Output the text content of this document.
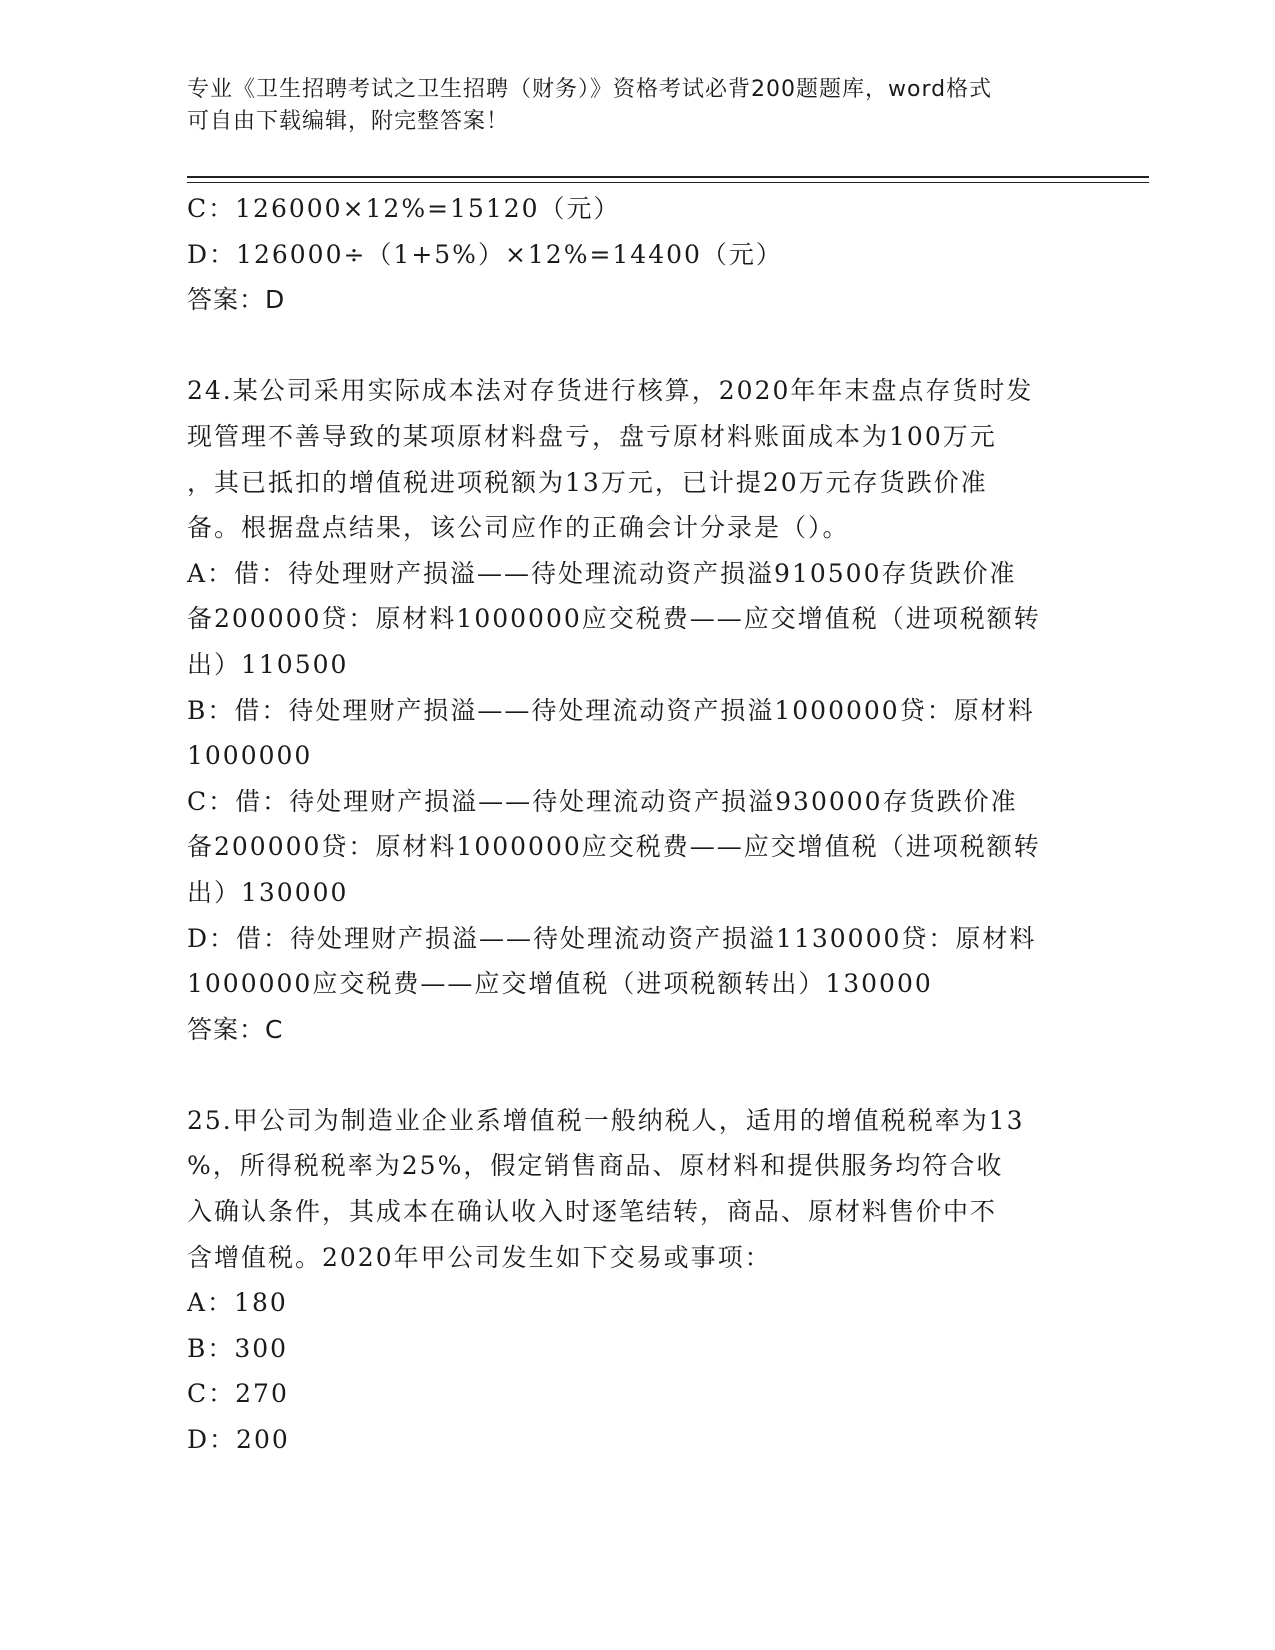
专业《卫生招聘考试之卫生招聘（财务）》资格考试必背200题题库，word格式

可自由下载编辑，附完整答案！

C：126000×12%=15120（元）

D：126000÷（1+5%）×12%=14400（元）

答案：D

24.某公司采用实际成本法对存货进行核算，2020年年末盘点存货时发

现管理不善导致的某项原材料盘亏，盘亏原材料账面成本为100万元

，其已抵扣的增值税进项税额为13万元，已计提20万元存货跌价准

备。根据盘点结果，该公司应作的正确会计分录是（）。

A：借：待处理财产损溢——待处理流动资产损溢910500存货跌价准

备200000贷：原材料1000000应交税费——应交增值税（进项税额转

出）110500

B：借：待处理财产损溢——待处理流动资产损溢1000000贷：原材料

1000000

C：借：待处理财产损溢——待处理流动资产损溢930000存货跌价准

备200000贷：原材料1000000应交税费——应交增值税（进项税额转

出）130000

D：借：待处理财产损溢——待处理流动资产损溢1130000贷：原材料

1000000应交税费——应交增值税（进项税额转出）130000

答案：C

25.甲公司为制造业企业系增值税一般纳税人，适用的增值税税率为13

%，所得税税率为25%，假定销售商品、原材料和提供服务均符合收

入确认条件，其成本在确认收入时逐笔结转，商品、原材料售价中不

含增值税。2020年甲公司发生如下交易或事项：

A：180

B：300

C：270

D：200
